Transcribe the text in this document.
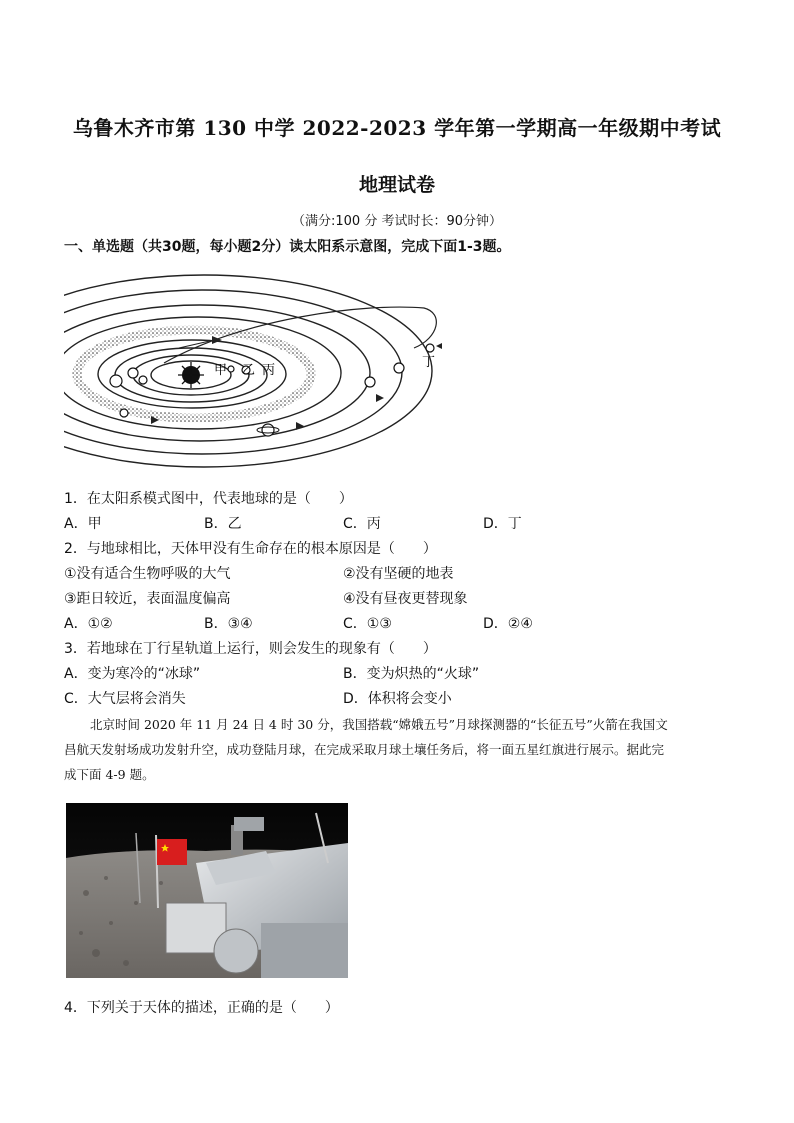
乌鲁木齐市第 130 中学 2022-2023 学年第一学期高一年级期中考试
地理试卷
（满分:100 分 考试时长：90分钟）
一、单选题（共30题，每小题2分）读太阳系示意图，完成下面1-3题。
甲 乙 丙
丁
1．在太阳系模式图中，代表地球的是（　　）
A．甲	B．乙	C．丙	D．丁
2．与地球相比，天体甲没有生命存在的根本原因是（　　）
①没有适合生物呼吸的大气	②没有坚硬的地表
③距日较近，表面温度偏高	④没有昼夜更替现象
A．①②	B．③④	C．①③	D．②④
3．若地球在丁行星轨道上运行，则会发生的现象有（　　）
A．变为寒冷的“冰球”	B．变为炽热的“火球”
C．大气层将会消失	D．体积将会变小
北京时间 2020 年 11 月 24 日 4 时 30 分，我国搭载“嫦娥五号”月球探测器的“长征五号”火箭在我国文
昌航天发射场成功发射升空，成功登陆月球，在完成采取月球土壤任务后，将一面五星红旗进行展示。据此完
成下面 4-9 题。
4．下列关于天体的描述，正确的是（　　）
